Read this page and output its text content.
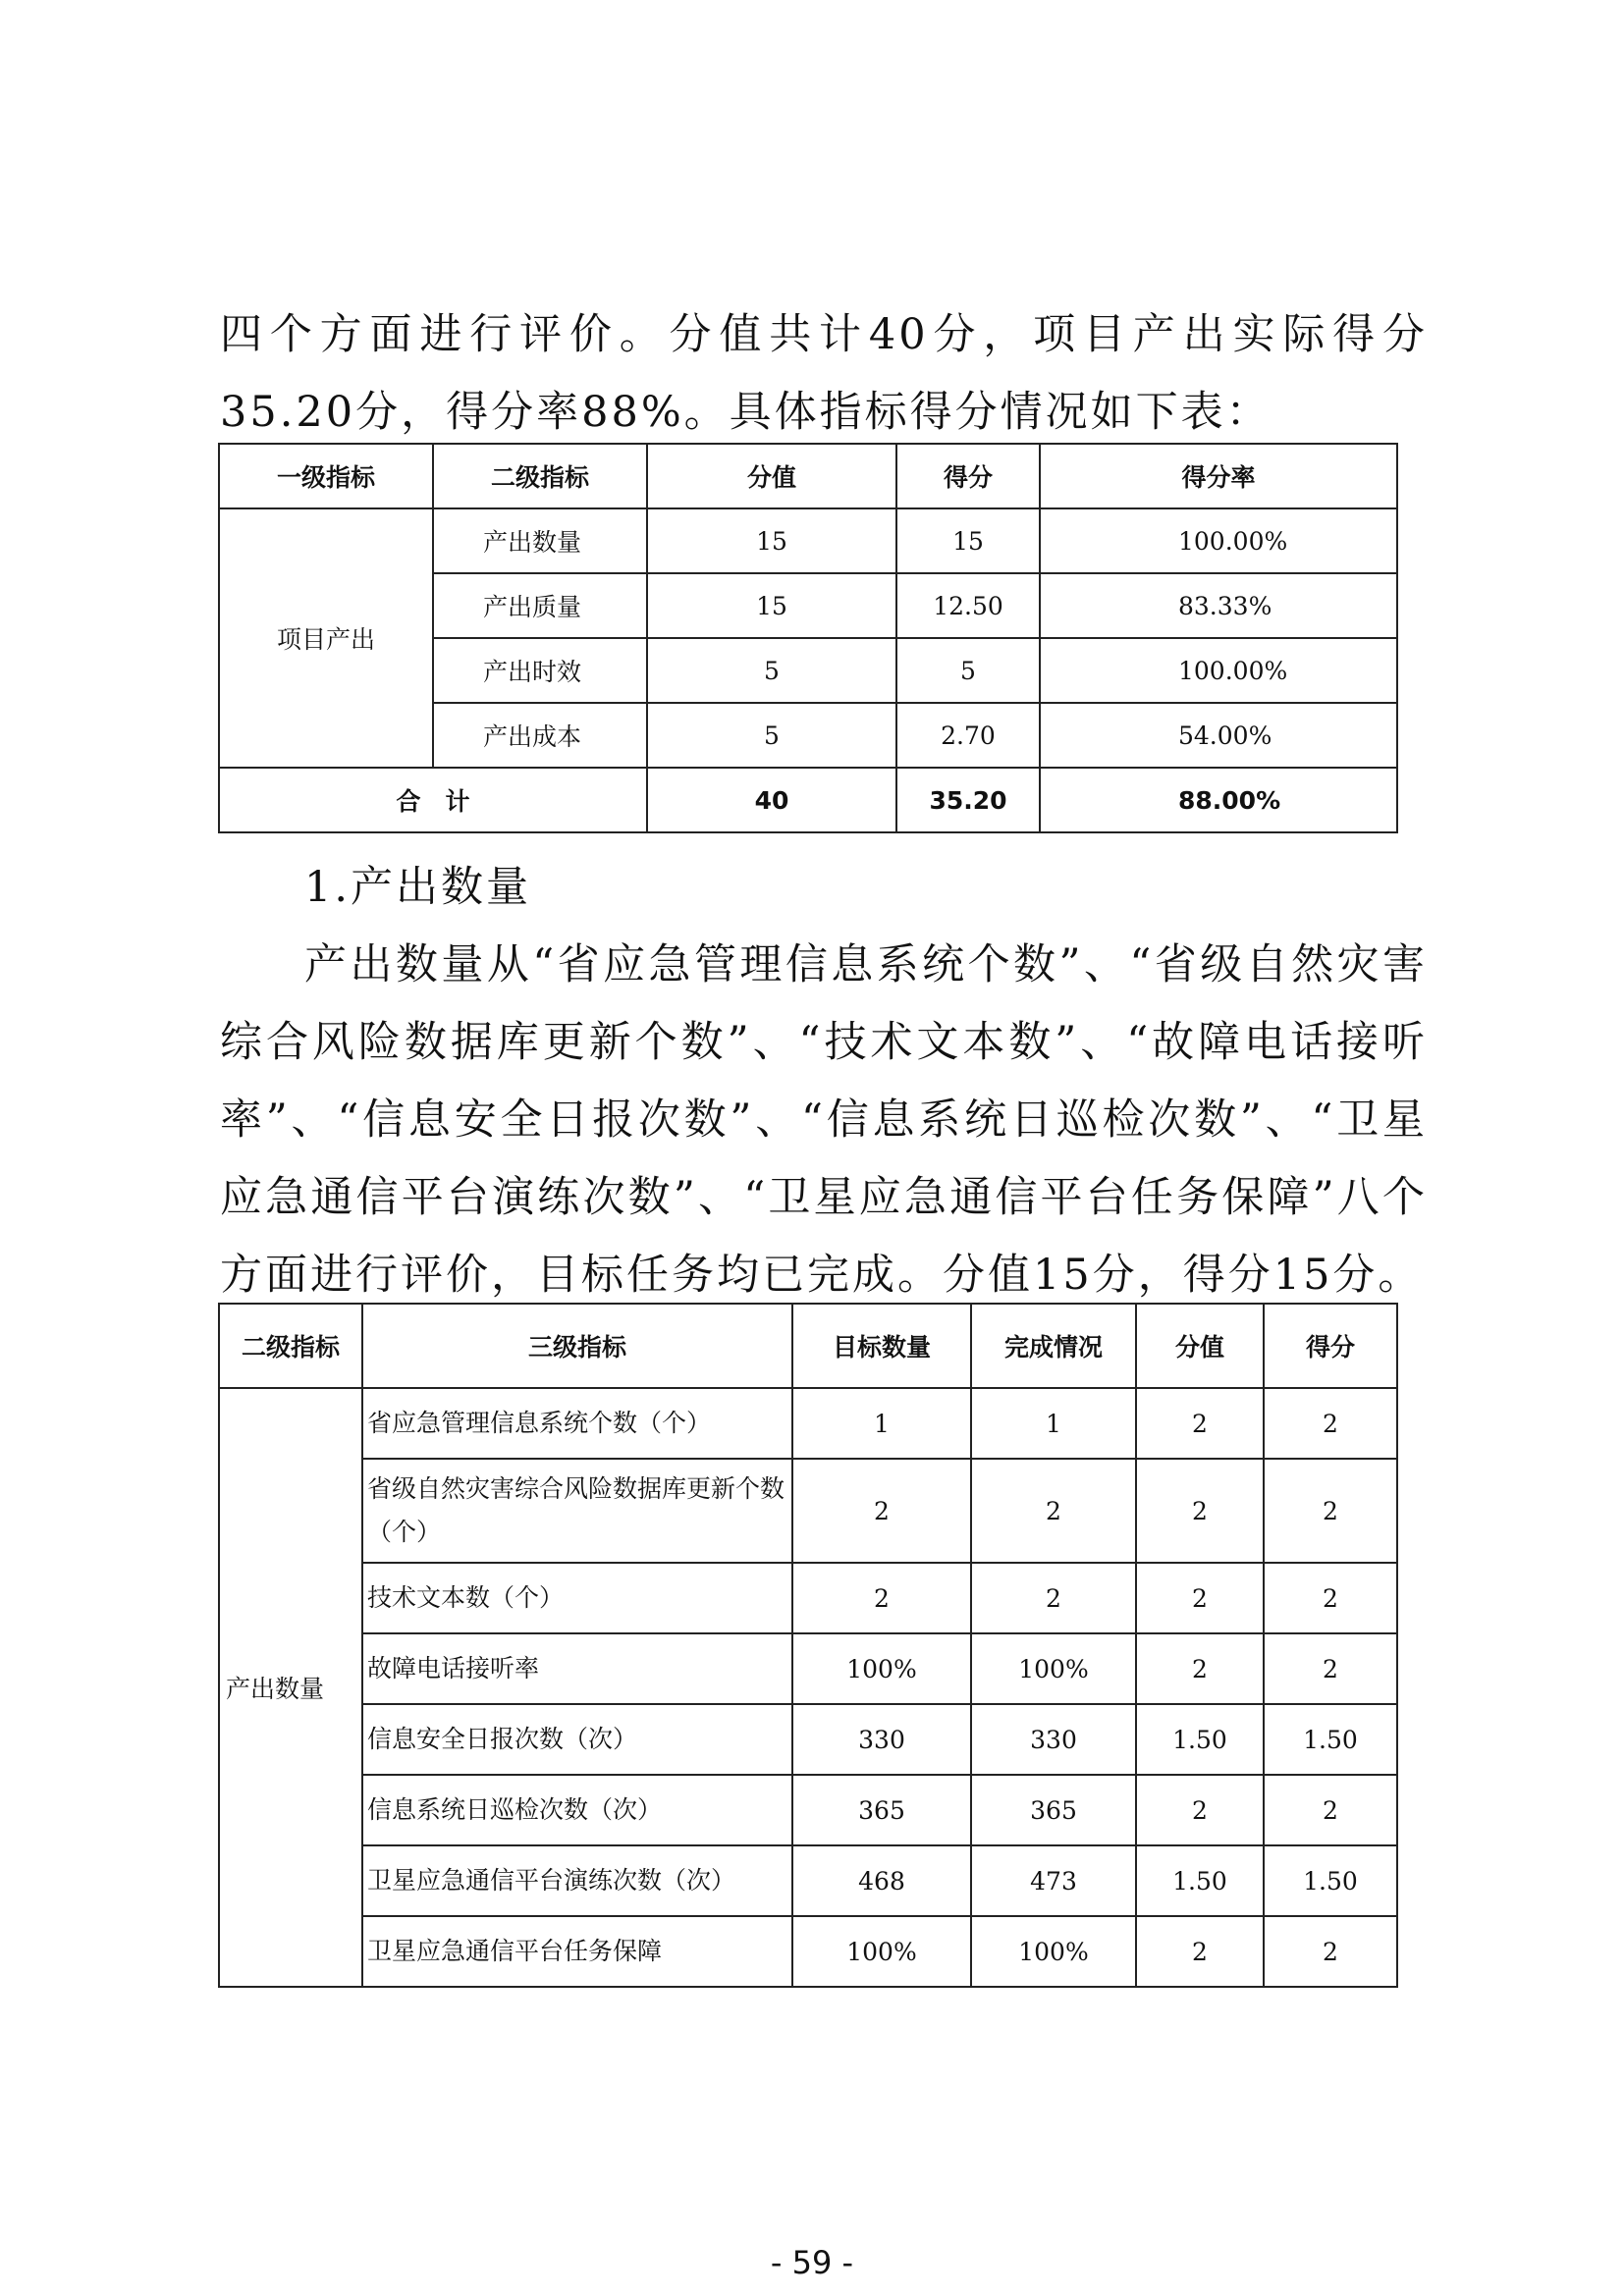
四个方面进行评价。分值共计40分，项目产出实际得分35.20分，得分率88%。具体指标得分情况如下表：

一级指标	二级指标	分值	得分	得分率
项目产出	产出数量	15	15	100.00%
	产出质量	15	12.50	83.33%
	产出时效	5	5	100.00%
	产出成本	5	2.70	54.00%
合　计		40	35.20	88.00%

1.产出数量

产出数量从“省应急管理信息系统个数”、“省级自然灾害综合风险数据库更新个数”、“技术文本数”、“故障电话接听率”、“信息安全日报次数”、“信息系统日巡检次数”、“卫星应急通信平台演练次数”、“卫星应急通信平台任务保障”八个方面进行评价，目标任务均已完成。分值15分，得分15分。

二级指标	三级指标	目标数量	完成情况	分值	得分
产出数量	省应急管理信息系统个数（个）	1	1	2	2
	省级自然灾害综合风险数据库更新个数（个）	2	2	2	2
	技术文本数（个）	2	2	2	2
	故障电话接听率	100%	100%	2	2
	信息安全日报次数（次）	330	330	1.50	1.50
	信息系统日巡检次数（次）	365	365	2	2
	卫星应急通信平台演练次数（次）	468	473	1.50	1.50
	卫星应急通信平台任务保障	100%	100%	2	2
- 59 -
